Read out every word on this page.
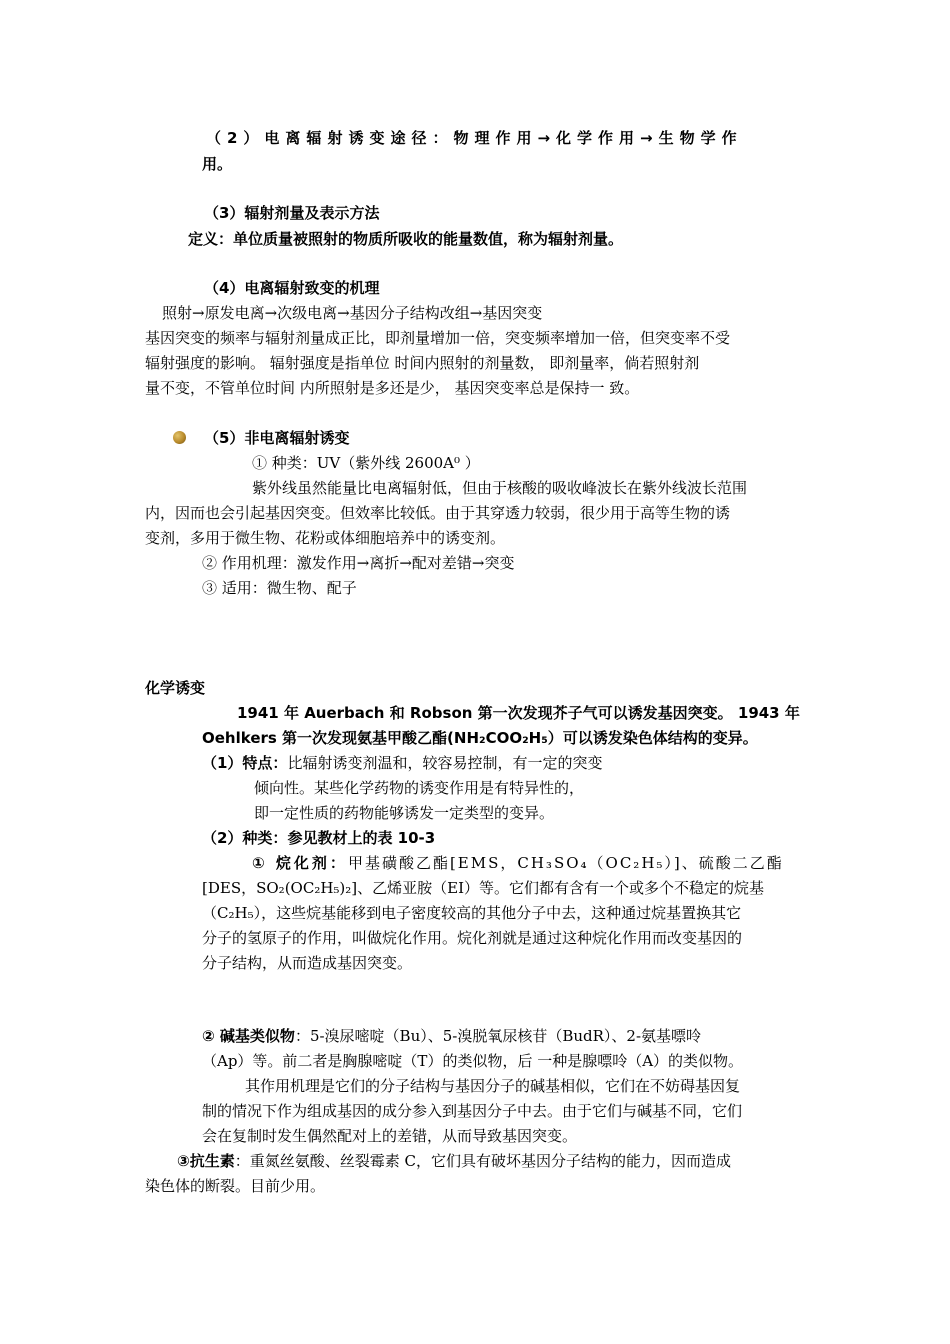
（2）电离辐射诱变途径：物理作用→化学作用→生物学作
用。
（3）辐射剂量及表示方法
定义：单位质量被照射的物质所吸收的能量数值，称为辐射剂量。
（4）电离辐射致变的机理
照射→原发电离→次级电离→基因分子结构改组→基因突变
基因突变的频率与辐射剂量成正比，即剂量增加一倍，突变频率增加一倍，但突变率不受
辐射强度的影响。 辐射强度是指单位 时间内照射的剂量数， 即剂量率，倘若照射剂
量不变，不管单位时间 内所照射是多还是少， 基因突变率总是保持一 致。
（5）非电离辐射诱变
① 种类：UV（紫外线 2600A⁰ ）
紫外线虽然能量比电离辐射低，但由于核酸的吸收峰波长在紫外线波长范围
内，因而也会引起基因突变。但效率比较低。由于其穿透力较弱，很少用于高等生物的诱
变剂，多用于微生物、花粉或体细胞培养中的诱变剂。
② 作用机理：激发作用→离折→配对差错→突变
③ 适用：微生物、配子
化学诱变
1941 年 Auerbach 和 Robson 第一次发现芥子气可以诱发基因突变。 1943 年
Oehlkers 第一次发现氨基甲酸乙酯(NH₂COO₂H₅）可以诱发染色体结构的变异。
（1）特点：比辐射诱变剂温和，较容易控制，有一定的突变
倾向性。某些化学药物的诱变作用是有特异性的，
即一定性质的药物能够诱发一定类型的变异。
（2）种类：参见教材上的表 10-3
① 烷化剂：甲基磺酸乙酯[EMS，CH₃SO₄（OC₂H₅）]、硫酸二乙酯
[DES，SO₂(OC₂H₅)₂]、乙烯亚胺（EI）等。它们都有含有一个或多个不稳定的烷基
（C₂H₅），这些烷基能移到电子密度较高的其他分子中去，这种通过烷基置换其它
分子的氢原子的作用，叫做烷化作用。烷化剂就是通过这种烷化作用而改变基因的
分子结构，从而造成基因突变。
② 碱基类似物：5-溴尿嘧啶（Bu）、5-溴脱氧尿核苷（BudR）、2-氨基嘌呤
（Ap）等。前二者是胸腺嘧啶（T）的类似物，后 一种是腺嘌呤（A）的类似物。
其作用机理是它们的分子结构与基因分子的碱基相似，它们在不妨碍基因复
制的情况下作为组成基因的成分参入到基因分子中去。由于它们与碱基不同，它们
会在复制时发生偶然配对上的差错，从而导致基因突变。
③抗生素：重氮丝氨酸、丝裂霉素 C，它们具有破坏基因分子结构的能力，因而造成
染色体的断裂。目前少用。
